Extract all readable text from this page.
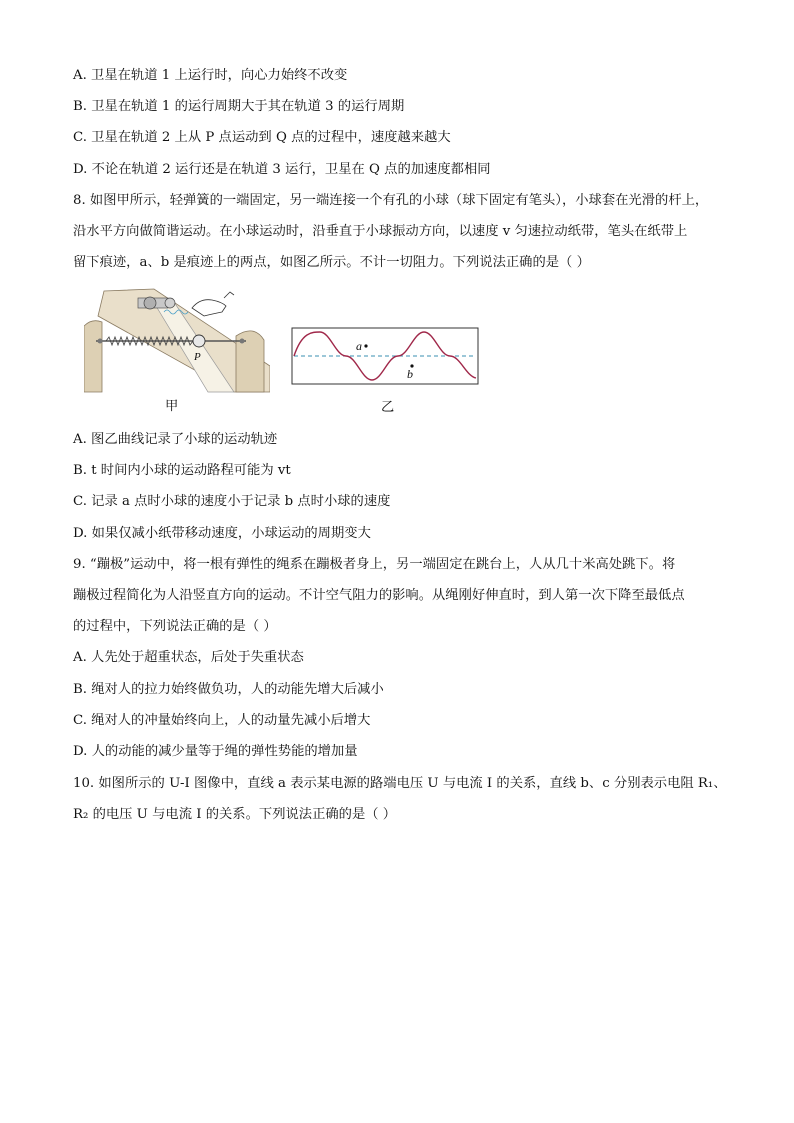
A. 卫星在轨道 1 上运行时，向心力始终不改变
B. 卫星在轨道 1 的运行周期大于其在轨道 3 的运行周期
C. 卫星在轨道 2 上从 P 点运动到 Q 点的过程中，速度越来越大
D. 不论在轨道 2 运行还是在轨道 3 运行，卫星在 Q 点的加速度都相同
8. 如图甲所示，轻弹簧的一端固定，另一端连接一个有孔的小球（球下固定有笔头），小球套在光滑的杆上，
沿水平方向做简谐运动。在小球运动时，沿垂直于小球振动方向，以速度 v 匀速拉动纸带，笔头在纸带上
留下痕迹，a、b 是痕迹上的两点，如图乙所示。不计一切阻力。下列说法正确的是（ ）
P
甲
a
b
乙
A. 图乙曲线记录了小球的运动轨迹
B. t 时间内小球的运动路程可能为 vt
C. 记录 a 点时小球的速度小于记录 b 点时小球的速度
D. 如果仅减小纸带移动速度，小球运动的周期变大
9. “蹦极”运动中，将一根有弹性的绳系在蹦极者身上，另一端固定在跳台上，人从几十米高处跳下。将
蹦极过程简化为人沿竖直方向的运动。不计空气阻力的影响。从绳刚好伸直时，到人第一次下降至最低点
的过程中，下列说法正确的是（ ）
A. 人先处于超重状态，后处于失重状态
B. 绳对人的拉力始终做负功，人的动能先增大后减小
C. 绳对人的冲量始终向上，人的动量先减小后增大
D. 人的动能的减少量等于绳的弹性势能的增加量
10. 如图所示的 U-I 图像中，直线 a 表示某电源的路端电压 U 与电流 I 的关系，直线 b、c 分别表示电阻 R₁、
R₂ 的电压 U 与电流 I 的关系。下列说法正确的是（ ）
